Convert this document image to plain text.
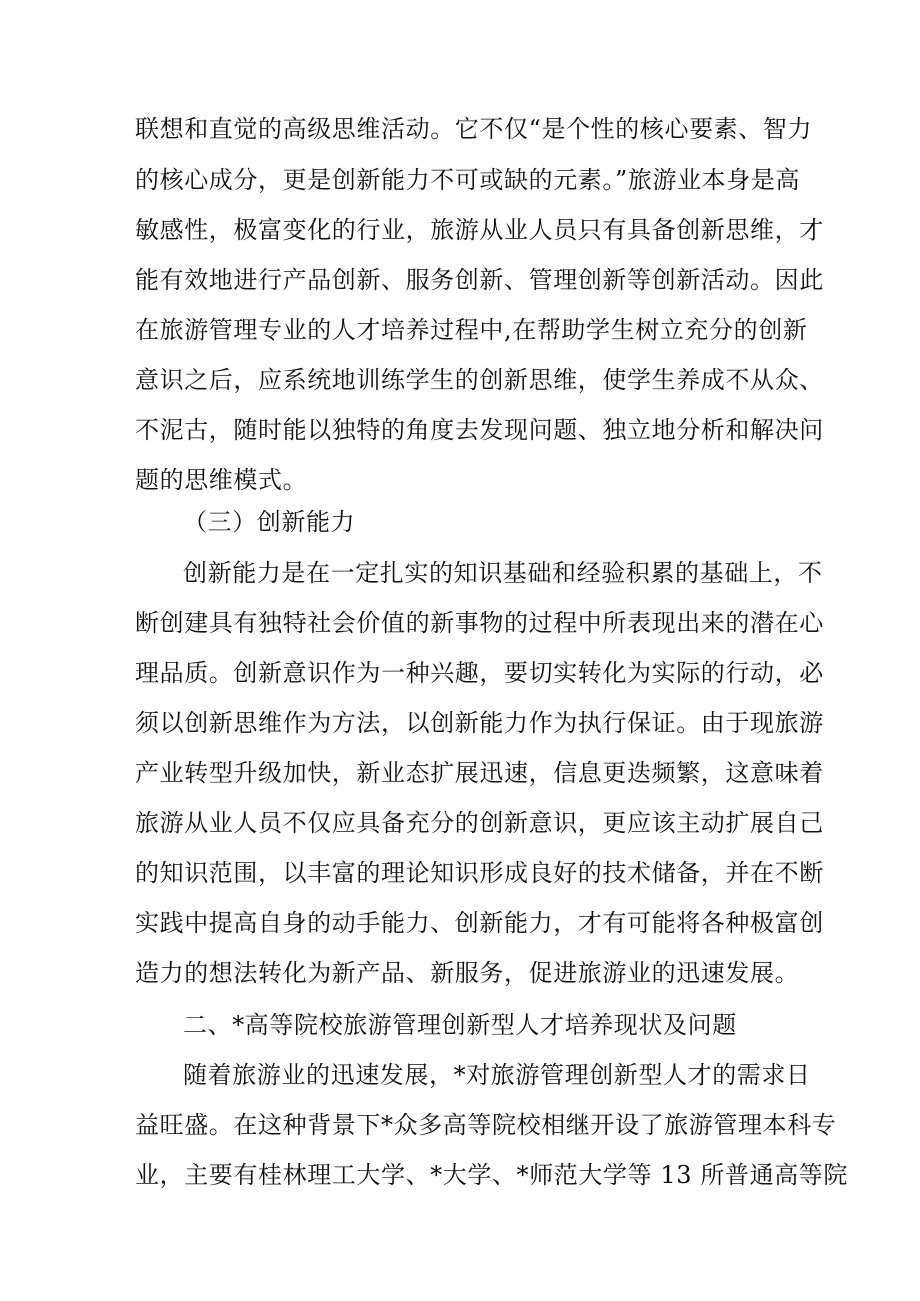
联想和直觉的高级思维活动。它不仅“是个性的核心要素、智力

的核心成分，更是创新能力不可或缺的元素。”旅游业本身是高

敏感性，极富变化的行业，旅游从业人员只有具备创新思维，才

能有效地进行产品创新、服务创新、管理创新等创新活动。因此

在旅游管理专业的人才培养过程中,在帮助学生树立充分的创新

意识之后，应系统地训练学生的创新思维，使学生养成不从众、

不泥古，随时能以独特的角度去发现问题、独立地分析和解决问

题的思维模式。

（三）创新能力

创新能力是在一定扎实的知识基础和经验积累的基础上，不

断创建具有独特社会价值的新事物的过程中所表现出来的潜在心

理品质。创新意识作为一种兴趣，要切实转化为实际的行动，必

须以创新思维作为方法，以创新能力作为执行保证。由于现旅游

产业转型升级加快，新业态扩展迅速，信息更迭频繁，这意味着

旅游从业人员不仅应具备充分的创新意识，更应该主动扩展自己

的知识范围，以丰富的理论知识形成良好的技术储备，并在不断

实践中提高自身的动手能力、创新能力，才有可能将各种极富创

造力的想法转化为新产品、新服务，促进旅游业的迅速发展。

二、*高等院校旅游管理创新型人才培养现状及问题

随着旅游业的迅速发展，*对旅游管理创新型人才的需求日

益旺盛。在这种背景下*众多高等院校相继开设了旅游管理本科专

业，主要有桂林理工大学、*大学、*师范大学等 13 所普通高等院
